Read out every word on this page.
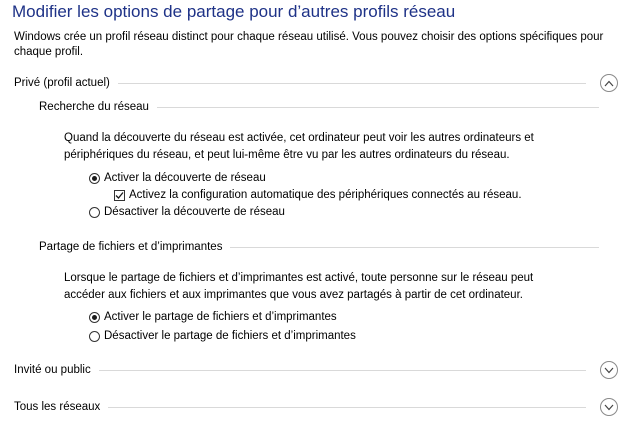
Modifier les options de partage pour d’autres profils réseau
Windows crée un profil réseau distinct pour chaque réseau utilisé. Vous pouvez choisir des options spécifiques pour chaque profil.
Privé (profil actuel)
Recherche du réseau
Quand la découverte du réseau est activée, cet ordinateur peut voir les autres ordinateurs et périphériques du réseau, et peut lui-même être vu par les autres ordinateurs du réseau.
Activer la découverte de réseau
Activez la configuration automatique des périphériques connectés au réseau.
Désactiver la découverte de réseau
Partage de fichiers et d’imprimantes
Lorsque le partage de fichiers et d’imprimantes est activé, toute personne sur le réseau peut accéder aux fichiers et aux imprimantes que vous avez partagés à partir de cet ordinateur.
Activer le partage de fichiers et d’imprimantes
Désactiver le partage de fichiers et d’imprimantes
Invité ou public
Tous les réseaux
